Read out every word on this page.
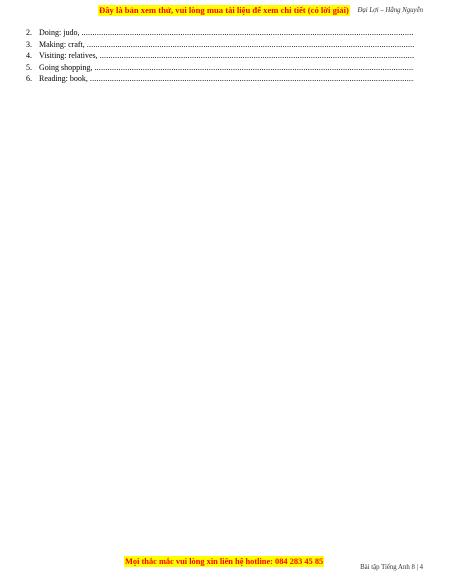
Đại Lợi – Hằng Nguyễn
Đây là bản xem thử, vui lòng mua tài liệu để xem chi tiết (có lời giải)
2. Doing: judo,
.....
3. Making: craft,
.....
4. Visiting: relatives,
.....
5. Going shopping,
.....
6. Reading: book,
.....
Mọi thắc mắc vui lòng xin liên hệ hotline: 084 283 45 85
Bài tập Tiếng Anh 8 | 4
